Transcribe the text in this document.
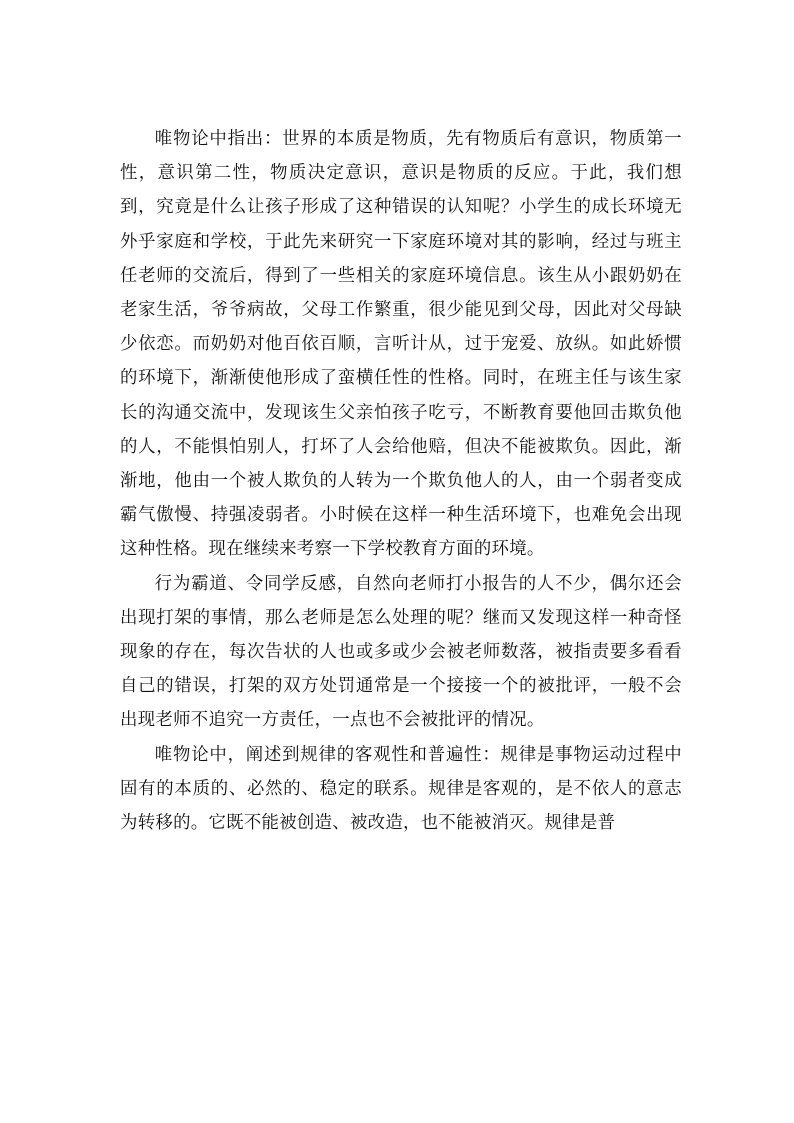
唯物论中指出：世界的本质是物质，先有物质后有意识，物质第一性，意识第二性，物质决定意识，意识是物质的反应。于此，我们想到，究竟是什么让孩子形成了这种错误的认知呢？小学生的成长环境无外乎家庭和学校，于此先来研究一下家庭环境对其的影响，经过与班主任老师的交流后，得到了一些相关的家庭环境信息。该生从小跟奶奶在老家生活，爷爷病故，父母工作繁重，很少能见到父母，因此对父母缺少依恋。而奶奶对他百依百顺，言听计从，过于宠爱、放纵。如此娇惯的环境下，渐渐使他形成了蛮横任性的性格。同时，在班主任与该生家长的沟通交流中，发现该生父亲怕孩子吃亏，不断教育要他回击欺负他的人，不能惧怕别人，打坏了人会给他赔，但决不能被欺负。因此，渐渐地，他由一个被人欺负的人转为一个欺负他人的人，由一个弱者变成霸气傲慢、持强凌弱者。小时候在这样一种生活环境下，也难免会出现这种性格。现在继续来考察一下学校教育方面的环境。

行为霸道、令同学反感，自然向老师打小报告的人不少，偶尔还会出现打架的事情，那么老师是怎么处理的呢？继而又发现这样一种奇怪现象的存在，每次告状的人也或多或少会被老师数落，被指责要多看看自己的错误，打架的双方处罚通常是一个接接一个的被批评，一般不会出现老师不追究一方责任，一点也不会被批评的情况。

唯物论中，阐述到规律的客观性和普遍性：规律是事物运动过程中固有的本质的、必然的、稳定的联系。规律是客观的，是不依人的意志为转移的。它既不能被创造、被改造，也不能被消灭。规律是普
